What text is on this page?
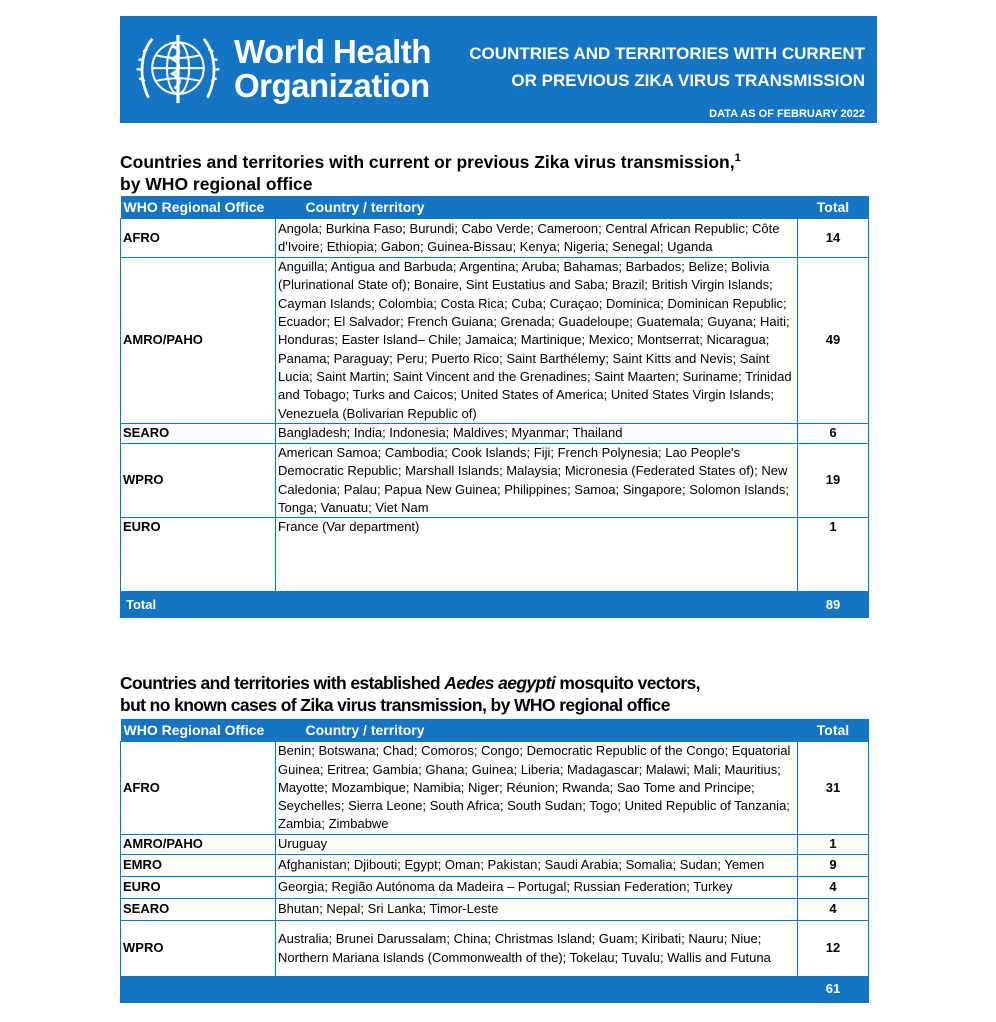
World Health
Organization
COUNTRIES AND TERRITORIES WITH CURRENT
OR PREVIOUS ZIKA VIRUS TRANSMISSION
DATA AS OF FEBRUARY 2022
Countries and territories with current or previous Zika virus transmission,$^1$
by WHO regional office
WHO Regional Office	Country / territory	Total
AFRO	Angola; Burkina Faso; Burundi; Cabo Verde; Cameroon; Central African Republic; Côte d'Ivoire; Ethiopia; Gabon; Guinea-Bissau; Kenya; Nigeria; Senegal; Uganda	14
AMRO/PAHO	Anguilla; Antigua and Barbuda; Argentina; Aruba; Bahamas; Barbados; Belize; Bolivia (Plurinational State of); Bonaire, Sint Eustatius and Saba; Brazil; British Virgin Islands; Cayman Islands; Colombia; Costa Rica; Cuba; Curaçao; Dominica; Dominican Republic; Ecuador; El Salvador; French Guiana; Grenada; Guadeloupe; Guatemala; Guyana; Haiti; Honduras; Easter Island– Chile; Jamaica; Martinique; Mexico; Montserrat; Nicaragua; Panama; Paraguay; Peru; Puerto Rico; Saint Barthélemy; Saint Kitts and Nevis; Saint Lucia; Saint Martin; Saint Vincent and the Grenadines; Saint Maarten; Suriname; Trinidad and Tobago; Turks and Caicos; United States of America; United States Virgin Islands; Venezuela (Bolivarian Republic of)	49
SEARO	Bangladesh; India; Indonesia; Maldives; Myanmar; Thailand	6
WPRO	American Samoa; Cambodia; Cook Islands; Fiji; French Polynesia; Lao People's Democratic Republic; Marshall Islands; Malaysia; Micronesia (Federated States of); New Caledonia; Palau; Papua New Guinea; Philippines; Samoa; Singapore; Solomon Islands; Tonga; Vanuatu; Viet Nam	19
EURO	France (Var department)	1
Total		89
Countries and territories with established Aedes aegypti mosquito vectors,
but no known cases of Zika virus transmission, by WHO regional office
WHO Regional Office	Country / territory	Total
AFRO	Benin; Botswana; Chad; Comoros; Congo; Democratic Republic of the Congo; Equatorial Guinea; Eritrea; Gambia; Ghana; Guinea; Liberia; Madagascar; Malawi; Mali; Mauritius; Mayotte; Mozambique; Namibia; Niger; Réunion; Rwanda; Sao Tome and Principe; Seychelles; Sierra Leone; South Africa; South Sudan; Togo; United Republic of Tanzania; Zambia; Zimbabwe	31
AMRO/PAHO	Uruguay	1
EMRO	Afghanistan; Djibouti; Egypt; Oman; Pakistan; Saudi Arabia; Somalia; Sudan; Yemen	9
EURO	Georgia; Região Autónoma da Madeira – Portugal; Russian Federation; Turkey	4
SEARO	Bhutan; Nepal; Sri Lanka; Timor-Leste	4
WPRO	Australia; Brunei Darussalam; China; Christmas Island; Guam; Kiribati; Nauru; Niue; Northern Mariana Islands (Commonwealth of the); Tokelau; Tuvalu; Wallis and Futuna	12
		61
